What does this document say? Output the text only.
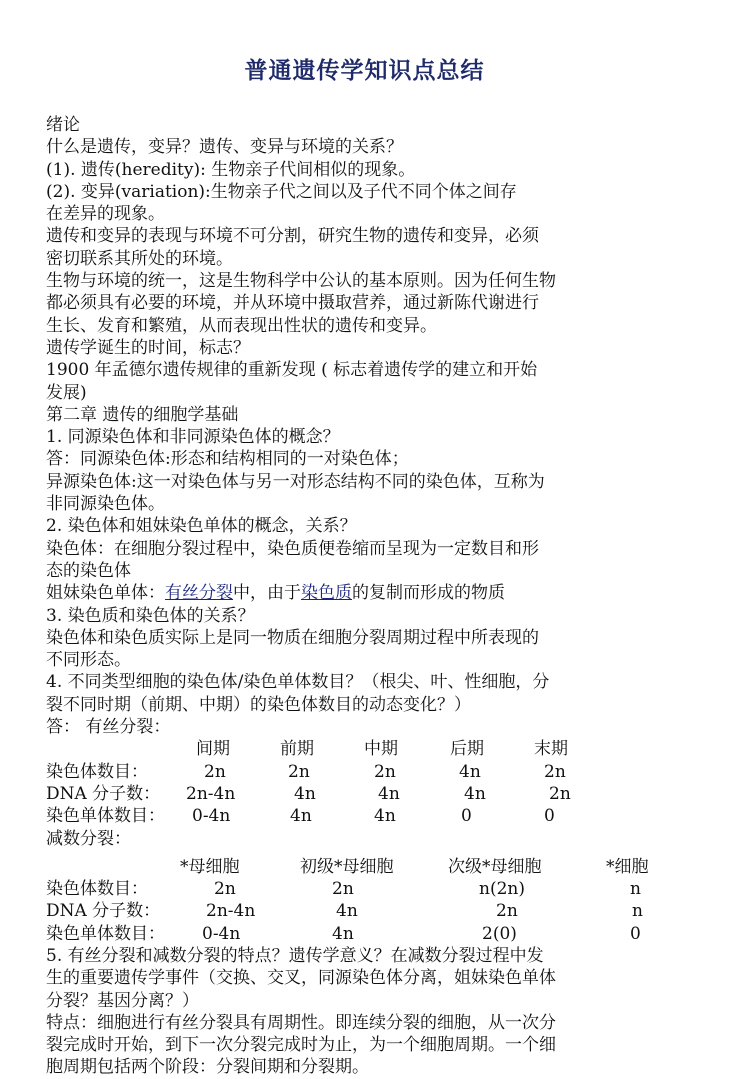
普通遗传学知识点总结
绪论
什么是遗传，变异？遗传、变异与环境的关系？
(1). 遗传(heredity): 生物亲子代间相似的现象。
(2). 变异(variation):生物亲子代之间以及子代不同个体之间存
在差异的现象。
遗传和变异的表现与环境不可分割，研究生物的遗传和变异，必须
密切联系其所处的环境。
生物与环境的统一，这是生物科学中公认的基本原则。因为任何生物
都必须具有必要的环境，并从环境中摄取营养，通过新陈代谢进行
生长、发育和繁殖，从而表现出性状的遗传和变异。
遗传学诞生的时间，标志？
1900 年孟德尔遗传规律的重新发现 ( 标志着遗传学的建立和开始
发展)
第二章 遗传的细胞学基础
1. 同源染色体和非同源染色体的概念？
答：同源染色体:形态和结构相同的一对染色体；
异源染色体:这一对染色体与另一对形态结构不同的染色体，互称为
非同源染色体。
2. 染色体和姐妹染色单体的概念，关系？
染色体：在细胞分裂过程中，染色质便卷缩而呈现为一定数目和形
态的染色体
姐妹染色单体：有丝分裂中，由于染色质的复制而形成的物质
3. 染色质和染色体的关系？
染色体和染色质实际上是同一物质在细胞分裂周期过程中所表现的
不同形态。
4. 不同类型细胞的染色体/染色单体数目？（根尖、叶、性细胞，分
裂不同时期（前期、中期）的染色体数目的动态变化？）
答： 有丝分裂：
间期	前期	中期	后期	末期
染色体数目：	2n	2n	2n	4n	2n
DNA 分子数： 2n-4n	4n	4n	4n	2n
染色单体数目： 0-4n	4n	4n	0	0
减数分裂：
*母细胞	初级*母细胞	次级*母细胞	*细胞
染色体数目：	2n	2n	n(2n)	n
DNA 分子数：	2n-4n	4n	2n	n
染色单体数目： 0-4n	4n	2(0)	0
5. 有丝分裂和减数分裂的特点？遗传学意义？在减数分裂过程中发
生的重要遗传学事件（交换、交叉，同源染色体分离，姐妹染色单体
分裂？基因分离？）
特点：细胞进行有丝分裂具有周期性。即连续分裂的细胞，从一次分
裂完成时开始，到下一次分裂完成时为止，为一个细胞周期。一个细
胞周期包括两个阶段：分裂间期和分裂期。
